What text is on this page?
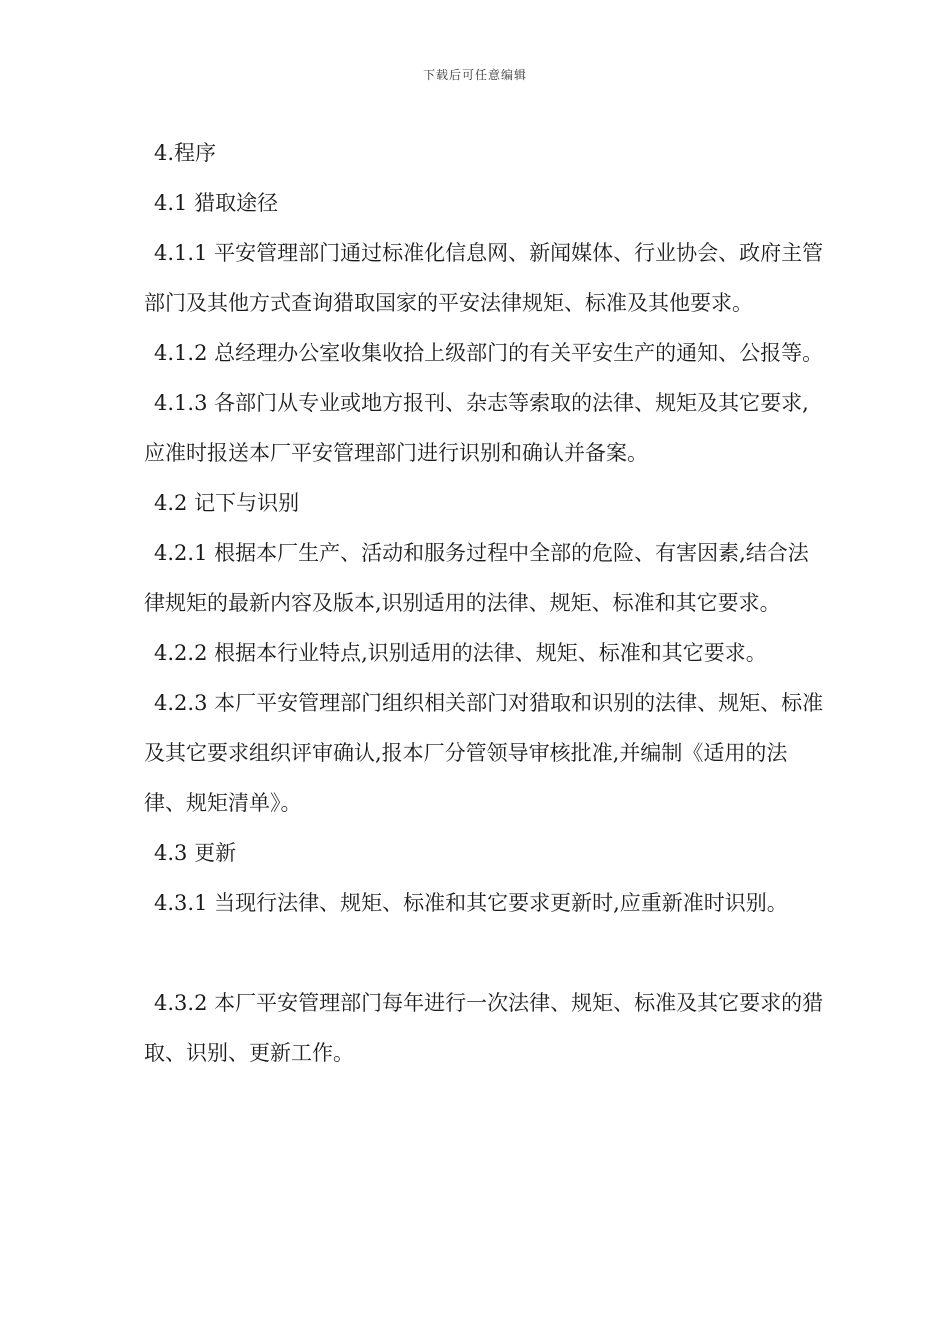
下载后可任意编辑

4.程序

4.1 猎取途径

4.1.1 平安管理部门通过标准化信息网、新闻媒体、行业协会、政府主管部门及其他方式查询猎取国家的平安法律规矩、标准及其他要求。

4.1.2 总经理办公室收集收拾上级部门的有关平安生产的通知、公报等。

4.1.3 各部门从专业或地方报刊、杂志等索取的法律、规矩及其它要求,应准时报送本厂平安管理部门进行识别和确认并备案。

4.2 记下与识别

4.2.1 根据本厂生产、活动和服务过程中全部的危险、有害因素,结合法律规矩的最新内容及版本,识别适用的法律、规矩、标准和其它要求。

4.2.2 根据本行业特点,识别适用的法律、规矩、标准和其它要求。

4.2.3 本厂平安管理部门组织相关部门对猎取和识别的法律、规矩、标准及其它要求组织评审确认,报本厂分管领导审核批准,并编制《适用的法律、规矩清单》。

4.3 更新

4.3.1 当现行法律、规矩、标准和其它要求更新时,应重新准时识别。

4.3.2 本厂平安管理部门每年进行一次法律、规矩、标准及其它要求的猎取、识别、更新工作。
